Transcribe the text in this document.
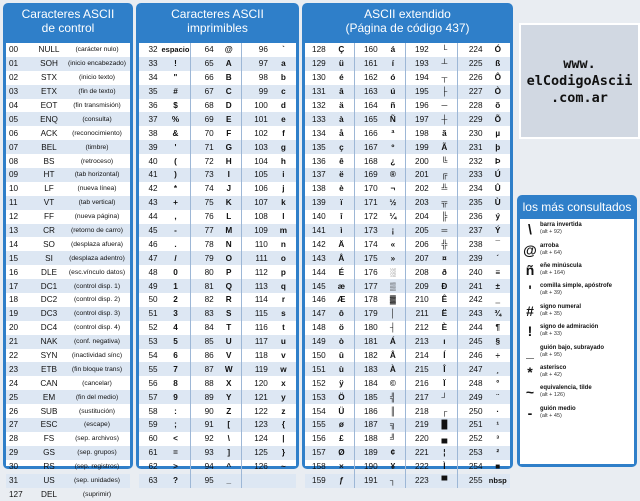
Caracteres ASCII
de control
00	NULL	(carácter nulo)
01	SOH	(inicio encabezado)
02	STX	(inicio texto)
03	ETX	(fin de texto)
04	EOT	(fin transmisión)
05	ENQ	(consulta)
06	ACK	(reconocimiento)
07	BEL	(timbre)
08	BS	(retroceso)
09	HT	(tab horizontal)
10	LF	(nueva línea)
11	VT	(tab vertical)
12	FF	(nueva página)
13	CR	(retorno de carro)
14	SO	(desplaza afuera)
15	SI	(desplaza adentro)
16	DLE	(esc.vínculo datos)
17	DC1	(control disp. 1)
18	DC2	(control disp. 2)
19	DC3	(control disp. 3)
20	DC4	(control disp. 4)
21	NAK	(conf. negativa)
22	SYN	(inactividad sínc)
23	ETB	(fin bloque trans)
24	CAN	(cancelar)
25	EM	(fin del medio)
26	SUB	(sustitución)
27	ESC	(escape)
28	FS	(sep. archivos)
29	GS	(sep. grupos)
30	RS	(sep. registros)
31	US	(sep. unidades)
127	DEL	(suprimir)
Caracteres ASCII
imprimibles
32 espacio	64	@	96	`
33	!	65	A	97	a
34	"	66	B	98	b
35	#	67	C	99	c
36	$	68	D	100	d
37	%	69	E	101	e
38	&	70	F	102	f
39	'	71	G	103	g
40	(	72	H	104	h
41	)	73	I	105	i
42	*	74	J	106	j
43	+	75	K	107	k
44	,	76	L	108	l
45	-	77	M	109	m
46	.	78	N	110	n
47	/	79	O	111	o
48	0	80	P	112	p
49	1	81	Q	113	q
50	2	82	R	114	r
51	3	83	S	115	s
52	4	84	T	116	t
53	5	85	U	117	u
54	6	86	V	118	v
55	7	87	W	119	w
56	8	88	X	120	x
57	9	89	Y	121	y
58	:	90	Z	122	z
59	;	91	[	123	{
60	<	92	\	124	|
61	=	93	]	125	}
62	>	94	^	126	~
63	?	95	_
ASCII extendido
(Página de código 437)
128	Ç	160	á	192	└	224	Ó
129	ü	161	í	193	┴	225	ß
130	é	162	ó	194	┬	226	Ô
131	â	163	ú	195	├	227	Ò
132	ä	164	ñ	196	─	228	õ
133	à	165	Ñ	197	┼	229	Õ
134	å	166	ª	198	ã	230	µ
135	ç	167	º	199	Ã	231	þ
136	ê	168	¿	200	╚	232	Þ
137	ë	169	®	201	╔	233	Ú
138	è	170	¬	202	╩	234	Û
139	ï	171	½	203	╦	235	Ù
140	î	172	¼	204	╠	236	ý
141	ì	173	¡	205	═	237	Ý
142	Ä	174	«	206	╬	238	¯
143	Å	175	»	207	¤	239	´
144	É	176	░	208	ð	240	≡
145	æ	177	▒	209	Ð	241	±
146	Æ	178	▓	210	Ê	242	‗
147	ô	179	│	211	Ë	243	¾
148	ö	180	┤	212	È	244	¶
149	ò	181	Á	213	ı	245	§
150	û	182	Â	214	Í	246	÷
151	ù	183	À	215	Î	247	¸
152	ÿ	184	©	216	Ï	248	°
153	Ö	185	╣	217	┘	249	¨
154	Ü	186	║	218	┌	250	·
155	ø	187	╗	219	█	251	¹
156	£	188	╝	220	▄	252	³
157	Ø	189	¢	221	¦	253	²
158	×	190	¥	222	Ì	254	■
159	ƒ	191	┐	223	▀	255 nbsp
www.
elCodigoAscii
.com.ar
los más consultados
\	barra invertida
(alt + 92)
@ arroba
(alt + 64)
ñ eñe minúscula
(alt + 164)
'	comilla simple, apóstrofe
(alt + 39)
#	signo numeral
(alt + 35)
!	signo de admiración
(alt + 33)
_	guión bajo, subrayado
(alt + 95)
*	asterisco
(alt + 42)
~ equivalencia, tilde
(alt + 126)
-	guión medio
(alt + 45)
